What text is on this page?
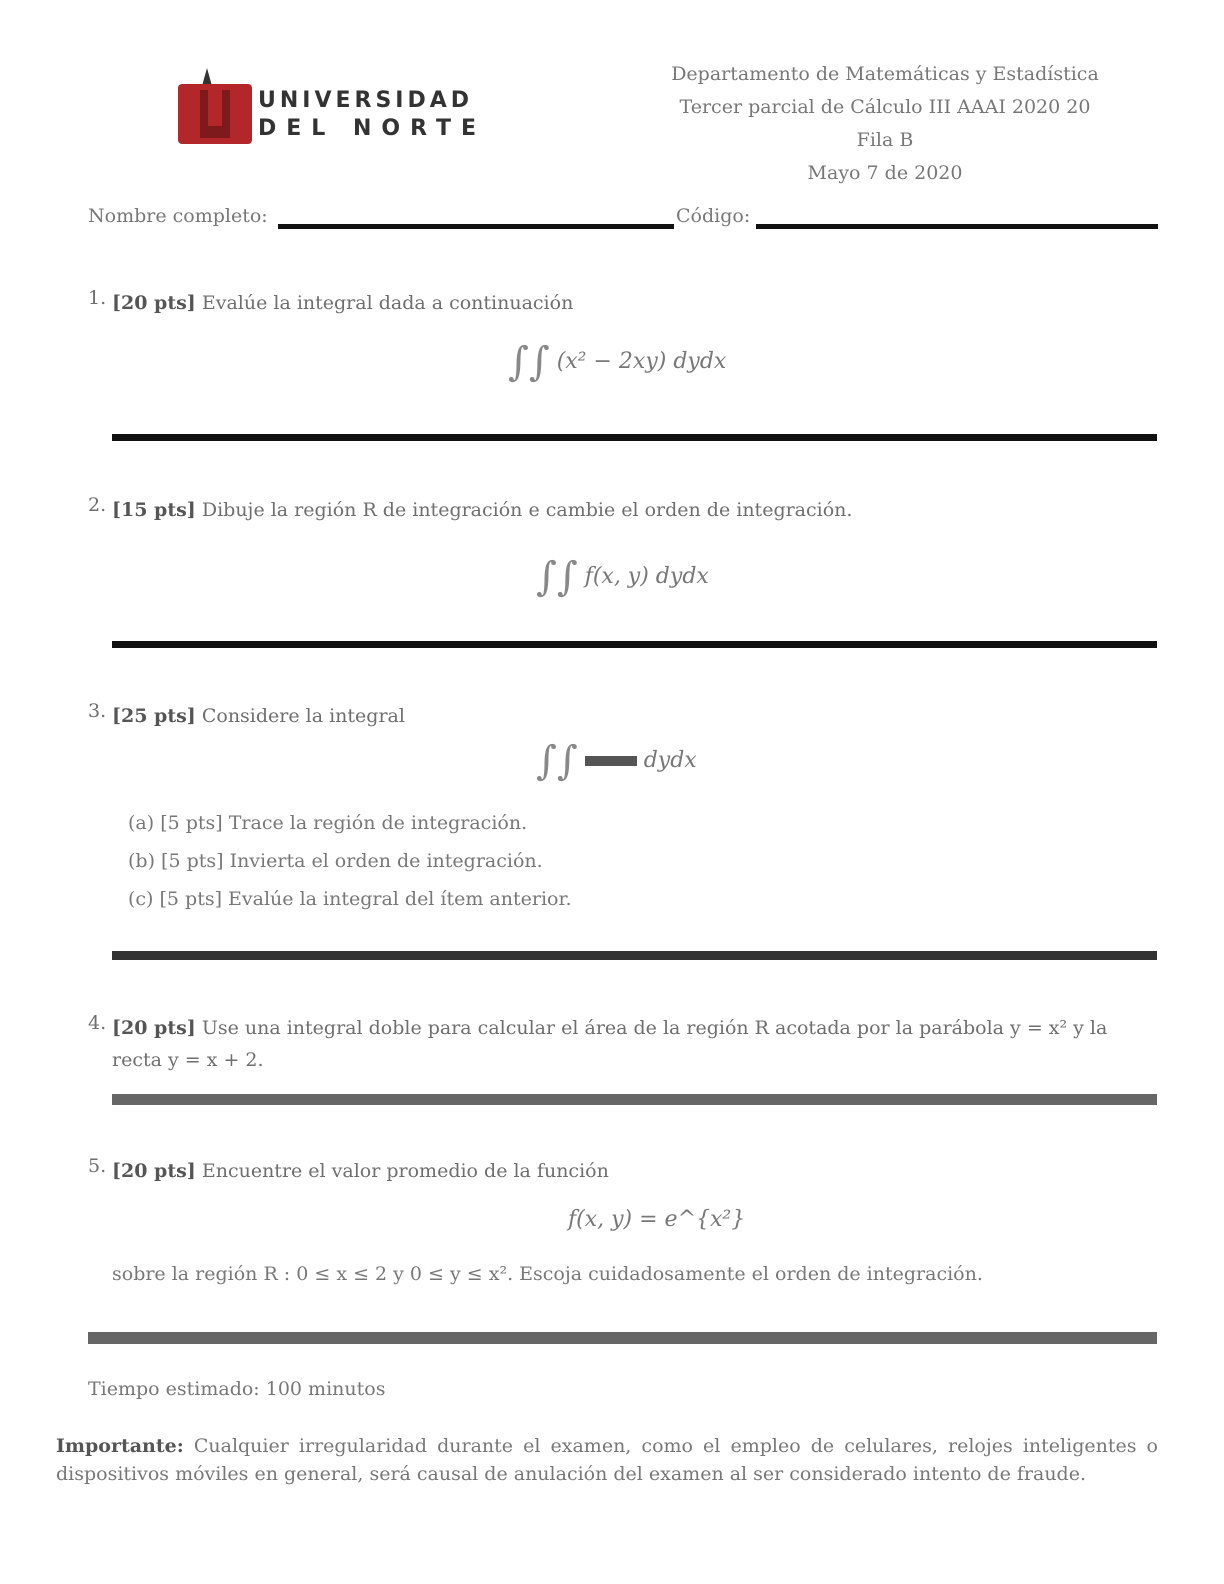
UNIVERSIDAD
DEL NORTE
Departamento de Matemáticas y Estadística
Tercer parcial de Cálculo III AAAI 2020 20
Fila B
Mayo 7 de 2020
Nombre completo:	Código:
1. [20 pts] Evalúe la integral dada a continuación
∫∫ (x² − 2xy) dydx
2. [15 pts] Dibuje la región R de integración e cambie el orden de integración.
∫∫ f(x, y) dydx
3. [25 pts] Considere la integral
∫∫	dydx
(a) [5 pts] Trace la región de integración.
(b) [5 pts] Invierta el orden de integración.
(c) [5 pts] Evalúe la integral del ítem anterior.
4. [20 pts] Use una integral doble para calcular el área de la región R acotada por la parábola y = x² y la recta y = x + 2.
5. [20 pts] Encuentre el valor promedio de la función
f(x, y) = e^{x²}
sobre la región R : 0 ≤ x ≤ 2 y 0 ≤ y ≤ x². Escoja cuidadosamente el orden de integración.
Tiempo estimado: 100 minutos
Importante: Cualquier irregularidad durante el examen, como el empleo de celulares, relojes inteligentes o dispositivos móviles en general, será causal de anulación del examen al ser considerado intento de fraude.
